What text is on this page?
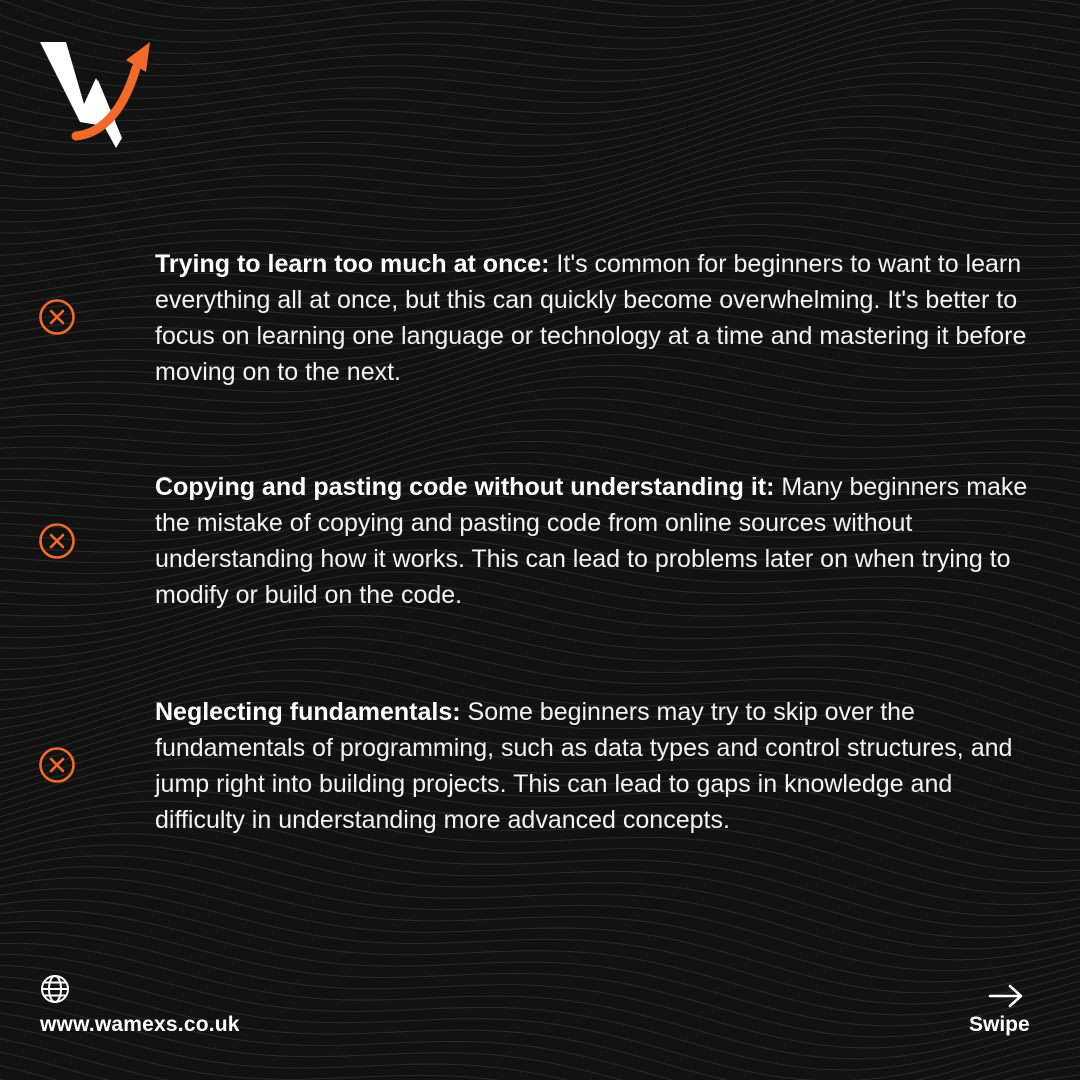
Trying to learn too much at once: It's common for beginners to want to learn everything all at once, but this can quickly become overwhelming. It's better to focus on learning one language or technology at a time and mastering it before moving on to the next.
Copying and pasting code without understanding it: Many beginners make the mistake of copying and pasting code from online sources without understanding how it works. This can lead to problems later on when trying to modify or build on the code.
Neglecting fundamentals: Some beginners may try to skip over the fundamentals of programming, such as data types and control structures, and jump right into building projects. This can lead to gaps in knowledge and difficulty in understanding more advanced concepts.
www.wamexs.co.uk	Swipe
